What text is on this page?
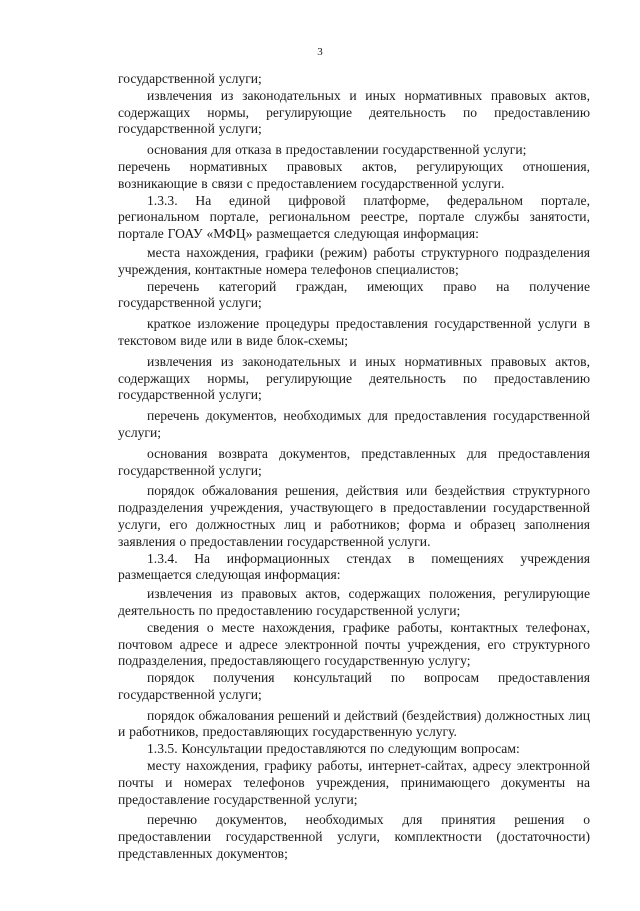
3

государственной услуги;

извлечения из законодательных и иных нормативных правовых актов, содержащих нормы, регулирующие деятельность по предоставлению государственной услуги;

основания для отказа в предоставлении государственной услуги;

перечень нормативных правовых актов, регулирующих отношения, возникающие в связи с предоставлением государственной услуги.

1.3.3. На единой цифровой платформе, федеральном портале, региональном портале, региональном реестре, портале службы занятости, портале ГОАУ «МФЦ» размещается следующая информация:

места нахождения, графики (режим) работы структурного подразделения учреждения, контактные номера телефонов специалистов;

перечень категорий граждан, имеющих право на получение государственной услуги;

краткое изложение процедуры предоставления государственной услуги в текстовом виде или в виде блок-схемы;

извлечения из законодательных и иных нормативных правовых актов, содержащих нормы, регулирующие деятельность по предоставлению государственной услуги;

перечень документов, необходимых для предоставления государственной услуги;

основания возврата документов, представленных для предоставления государственной услуги;

порядок обжалования решения, действия или бездействия структурного подразделения учреждения, участвующего в предоставлении государственной услуги, его должностных лиц и работников; форма и образец заполнения заявления о предоставлении государственной услуги.

1.3.4. На информационных стендах в помещениях учреждения размещается следующая информация:

извлечения из правовых актов, содержащих положения, регулирующие деятельность по предоставлению государственной услуги;

сведения о месте нахождения, графике работы, контактных телефонах, почтовом адресе и адресе электронной почты учреждения, его структурного подразделения, предоставляющего государственную услугу;

порядок получения консультаций по вопросам предоставления государственной услуги;

порядок обжалования решений и действий (бездействия) должностных лиц и работников, предоставляющих государственную услугу.

1.3.5. Консультации предоставляются по следующим вопросам:

месту нахождения, графику работы, интернет-сайтах, адресу электронной почты и номерах телефонов учреждения, принимающего документы на предоставление государственной услуги;

перечню документов, необходимых для принятия решения о предоставлении государственной услуги, комплектности (достаточности) представленных документов;
